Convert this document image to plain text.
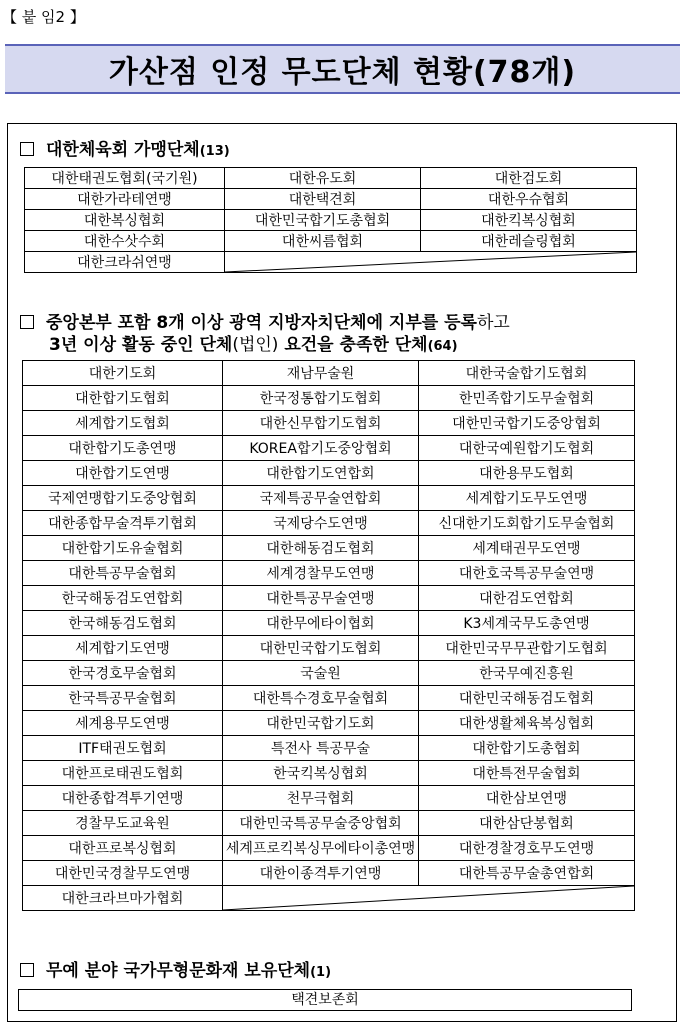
【 붙 임2 】
가산점 인정 무도단체 현황(78개)
대한체육회 가맹단체(13)
대한태권도협회(국기원)	대한유도회	대한검도회
대한가라테연맹	대한택견회	대한우슈협회
대한복싱협회	대한민국합기도총협회	대한킥복싱협회
대한수삿수회	대한씨름협회	대한레슬링협회
대한크라쉬연맹	
중앙본부 포함 8개 이상 광역 지방자치단체에 지부를 등록하고
3년 이상 활동 중인 단체(법인) 요건을 충족한 단체(64)
대한기도회	재남무술원	대한국술합기도협회
대한합기도협회	한국정통합기도협회	한민족합기도무술협회
세계합기도협회	대한신무합기도협회	대한민국합기도중앙협회
대한합기도총연맹	KOREA합기도중앙협회	대한국예원합기도협회
대한합기도연맹	대한합기도연합회	대한용무도협회
국제연맹합기도중앙협회	국제특공무술연합회	세계합기도무도연맹
대한종합무술격투기협회	국제당수도연맹	신대한기도회합기도무술협회
대한합기도유술협회	대한해동검도협회	세계태권무도연맹
대한특공무술협회	세계경찰무도연맹	대한호국특공무술연맹
한국해동검도연합회	대한특공무술연맹	대한검도연합회
한국해동검도협회	대한무에타이협회	K3세계국무도총연맹
세계합기도연맹	대한민국합기도협회	대한민국무무관합기도협회
한국경호무술협회	국술원	한국무예진흥원
한국특공무술협회	대한특수경호무술협회	대한민국해동검도협회
세계용무도연맹	대한민국합기도회	대한생활체육복싱협회
ITF태권도협회	특전사 특공무술	대한합기도총협회
대한프로태권도협회	한국킥복싱협회	대한특전무술협회
대한종합격투기연맹	천무극협회	대한삼보연맹
경찰무도교육원	대한민국특공무술중앙협회	대한삼단봉협회
대한프로복싱협회	세계프로킥복싱무에타이총연맹	대한경찰경호무도연맹
대한민국경찰무도연맹	대한이종격투기연맹	대한특공무술총연합회
대한크라브마가협회	
무예 분야 국가무형문화재 보유단체(1)
택견보존회
